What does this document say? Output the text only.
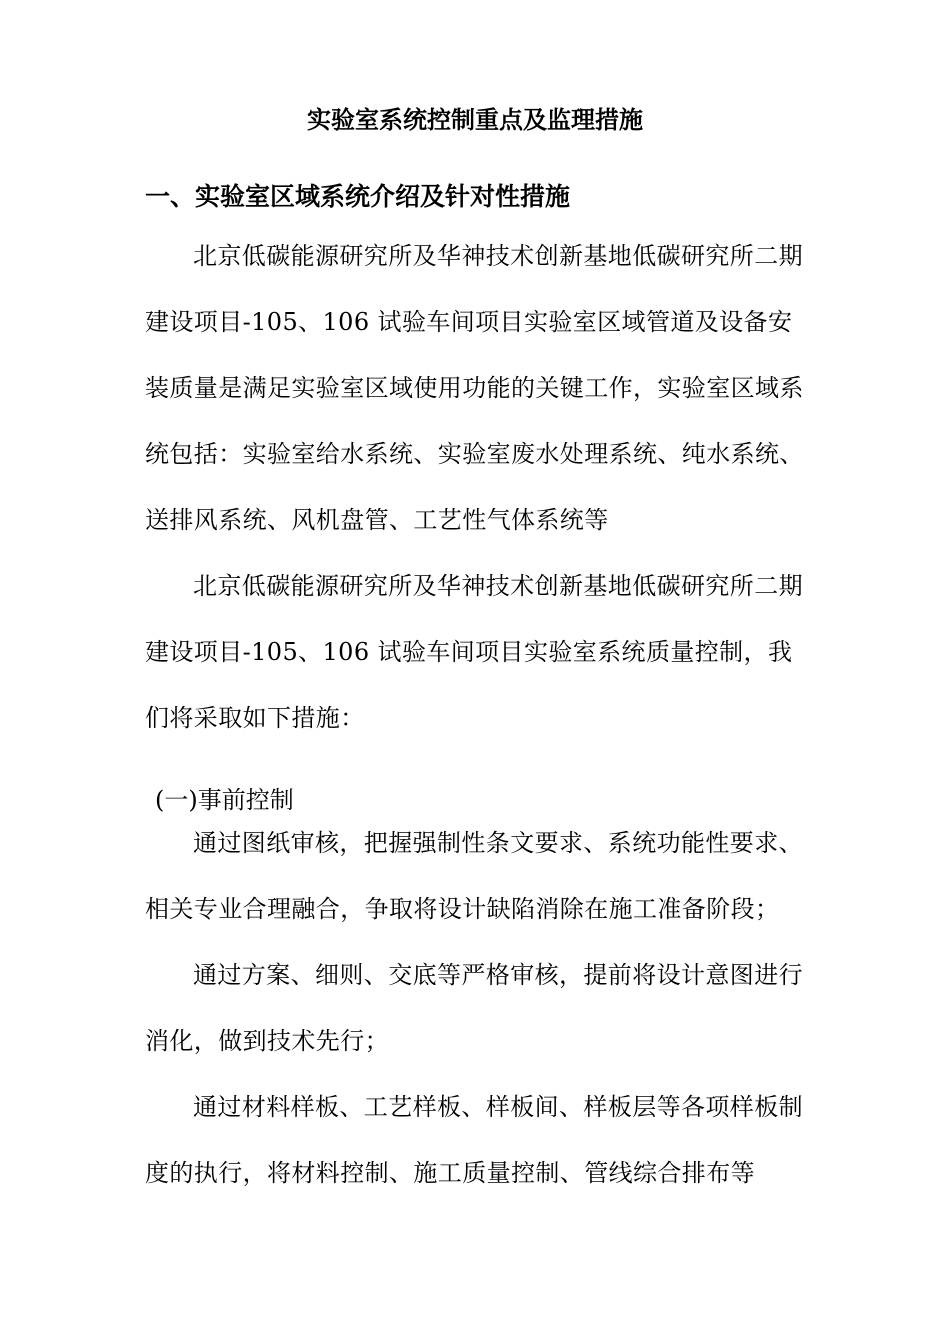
实验室系统控制重点及监理措施
一、实验室区域系统介绍及针对性措施

北京低碳能源研究所及华神技术创新基地低碳研究所二期建设项目-105、106 试验车间项目实验室区域管道及设备安装质量是满足实验室区域使用功能的关键工作，实验室区域系统包括：实验室给水系统、实验室废水处理系统、纯水系统、送排风系统、风机盘管、工艺性气体系统等

北京低碳能源研究所及华神技术创新基地低碳研究所二期建设项目-105、106 试验车间项目实验室系统质量控制，我们将采取如下措施：

(一)事前控制

通过图纸审核，把握强制性条文要求、系统功能性要求、相关专业合理融合，争取将设计缺陷消除在施工准备阶段；

通过方案、细则、交底等严格审核，提前将设计意图进行消化，做到技术先行；

通过材料样板、工艺样板、样板间、样板层等各项样板制度的执行，将材料控制、施工质量控制、管线综合排布等
